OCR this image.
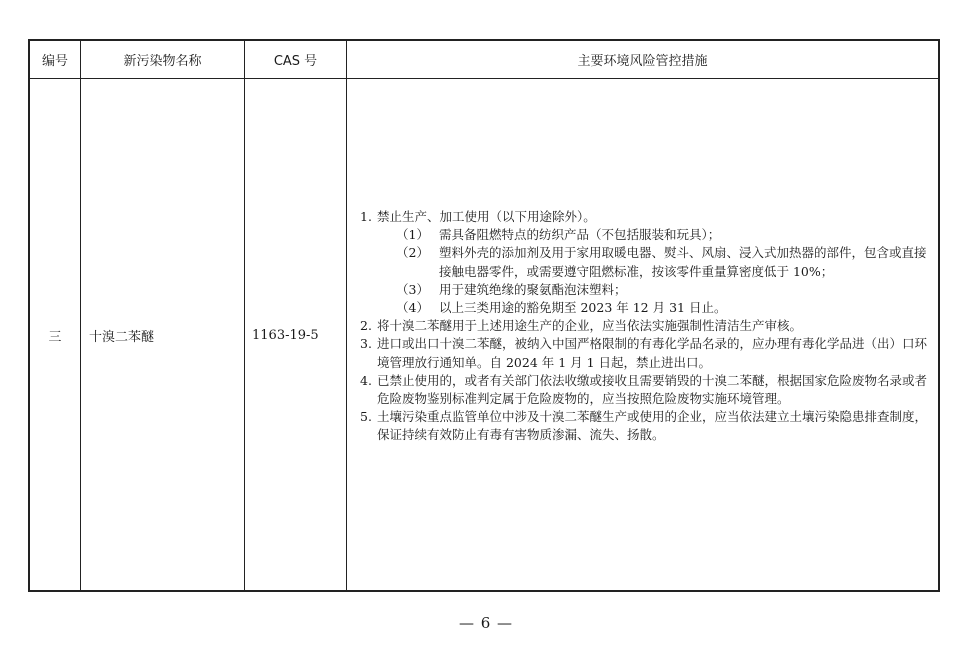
编号	新污染物名称	CAS 号	主要环境风险管控措施
三	十溴二苯醚	1163-19-5
1. 禁止生产、加工使用（以下用途除外）。
（1） 需具备阻燃特点的纺织产品（不包括服装和玩具）；
（2） 塑料外壳的添加剂及用于家用取暖电器、熨斗、风扇、浸入式加热器的部件，包含或直接接触电器零件，或需要遵守阻燃标准，按该零件重量算密度低于 10%；
（3） 用于建筑绝缘的聚氨酯泡沫塑料；
（4） 以上三类用途的豁免期至 2023 年 12 月 31 日止。
2. 将十溴二苯醚用于上述用途生产的企业，应当依法实施强制性清洁生产审核。
3. 进口或出口十溴二苯醚，被纳入中国严格限制的有毒化学品名录的，应办理有毒化学品进（出）口环境管理放行通知单。自 2024 年 1 月 1 日起，禁止进出口。
4. 已禁止使用的，或者有关部门依法收缴或接收且需要销毁的十溴二苯醚，根据国家危险废物名录或者危险废物鉴别标准判定属于危险废物的，应当按照危险废物实施环境管理。
5. 土壤污染重点监管单位中涉及十溴二苯醚生产或使用的企业，应当依法建立土壤污染隐患排查制度，保证持续有效防止有毒有害物质渗漏、流失、扬散。
— 6 —
